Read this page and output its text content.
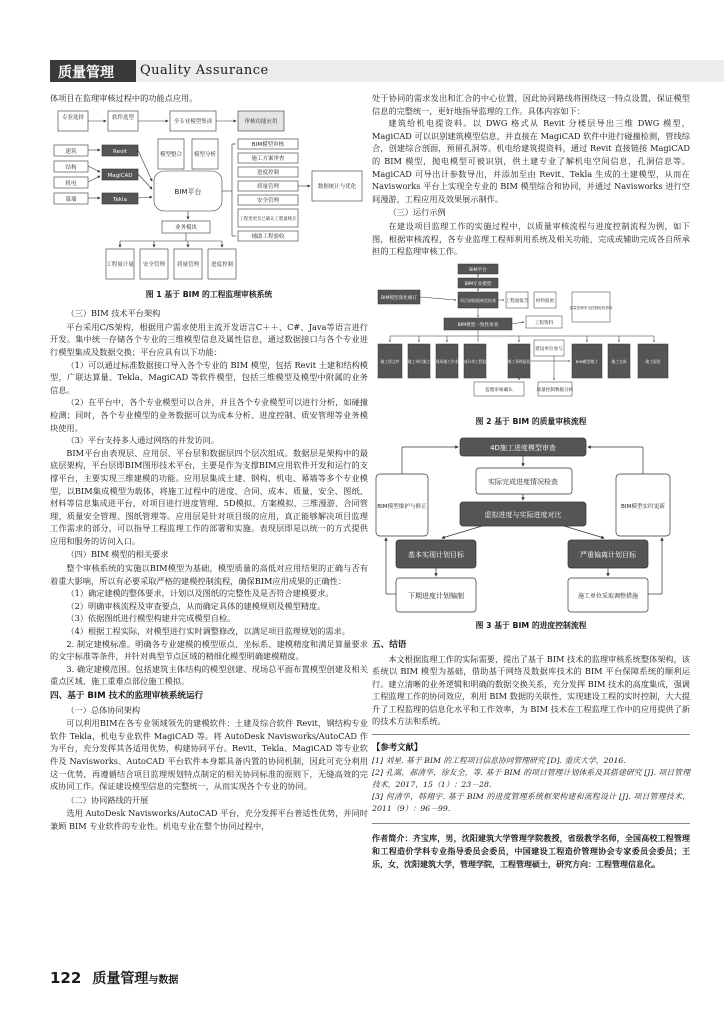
质量管理 Quality Assurance

体项目在监理审核过程中的功能点应用。

专业选择	软件选型
全专业模型集成	审核功能应用
建筑
结构
机电
幕墙
Revit
MagiCAD
Tekla
模型整合 模型分析
BIM平台
业务模块
BIM模型审核
施工方案审查
进度控制
质量管理
安全管理
工程变更及已确认工程量统计
辅助工程验收
数据统计与优化
工程量计量 安全管理 质量管理 进度控制
图 1 基于 BIM 的工程监理审核系统
（三）BIM 技术平台架构

平台采用C/S架构，根据用户需求使用主流开发语言C＋＋、C#、Java等语言进行开发。集中统一存储各个专业的三维模型信息及属性信息，通过数据接口与各个专业进行模型集成及数据交换；平台应具有以下功能：

（1）可以通过标准数据接口导入各个专业的 BIM 模型，包括 Revit 土建和结构模型，广联达算量、Tekla、MagiCAD 等软件模型，包括三维模型及模型中附属的业务信息。

（2）在平台中，各个专业模型可以合并，并且各个专业模型可以进行分析，如碰撞检测；同时，各个专业模型的业务数据可以为成本分析、进度控制、质安管理等业务模块使用。

（3）平台支持多人通过网络的并发访问。

BIM平台由表现层、应用层、平台层和数据层四个层次组成。数据层是架构中的最底层架构，平台层即BIM图形技术平台，主要是作为支撑BIM应用软件开发和运行的支撑平台，主要实现三维建模的功能。应用层集成土建、钢构、机电、幕墙等多个专业模型，以BIM集成模型为载体，将施工过程中的进度、合同、成本、质量、安全、图纸、材料等信息集成进平台，对项目进行进度管理、5D模拟、方案模拟、三维漫游、合同管理、质量安全管理、图纸管理等。应用层是针对项目级的应用，真正能够解决项目监理工作需求的部分，可以指导工程监理工作的部署和实施。表现层即是以统一的方式提供应用和服务的访问入口。

（四）BIM 模型的相关要求

整个审核系统的实施以BIM模型为基础，模型质量的高低对应用结果的正确与否有着重大影响，所以有必要采取严格的建模控制流程，确保BIM应用成果的正确性：

（1）确定建模的整体要求，计划以及图纸的完整性及是否符合建模要求。

（2）明确审核流程及审查要点，从而确定具体的建模规则及模型精度。

（3）依据图纸进行模型构建并完成模型自检。

（4）根据工程实际，对模型进行实时调整修改，以满足项目监理规划的需求。

2. 制定建模标准。明确各专业建模的模型原点、坐标系、建模精度和满足算量要求的文字标准等条件，并针对典型节点区域的精细化模型明确建模精度。

3. 确定建模范围。包括建筑主体结构的模型创建、现场总平面布置模型创建及相关重点区域、施工重难点部位施工模拟。

四、基于 BIM 技术的监理审核系统运行
（一）总体协同架构

可以利用BIM在各专业领域领先的建模软件：土建及综合软件 Revit，钢结构专业软件 Tekla，机电专业软件 MagiCAD 等。将 AutoDesk Navisworks/AutoCAD 作为平台，充分发挥其各适用优势，构建协同平台。Revit、Tekla、MagiCAD 等专业软件及 Navisworks、AutoCAD 平台软件本身都具备内置的协同机制，因此可充分利用这一优势，再遵循结合项目监理规划特点制定的相关协同标准的原则下，无缝高效的完成协同工作。保证建设模型信息的完整统一，从而实现各个专业的协同。

（二）协同路线的开展

选用 AutoDesk Navisworks/AutoCAD 平台，充分发挥平台普适性优势，并同时兼顾 BIM 专业软件的专业性。机电专业在整个协同过程中，

处于协同的需求发出和汇合的中心位置，因此协同路线将围绕这一特点设置，保证模型信息的完整统一，更好地指导监理的工作。具体内容如下：

建筑给机电提资料。以 DWG 格式从 Revit 分楼层导出三维 DWG 模型，MagiCAD 可以识别建筑模型信息，并直接在 MagiCAD 软件中进行碰撞检测，管线综合，创建综合剖面，预留孔洞等。机电给建筑提资料，通过 Revit 直接链接 MagiCAD 的 BIM 模型，抛电模型可被识别，供土建专业了解机电空间信息，孔洞信息等。MagiCAD 可导出计参数导出，并添加至由 Revit、Tekla 生成的土建模型，从而在 Navisworks 平台上实现全专业的 BIM 模型综合和协同，并通过 Navisworks 进行空间漫游，工程应用及效果展示制作。

（三）运行示例

在建设项目监理工作的实施过程中，以质量审核流程与进度控制流程为例，如下图，根据审核流程，各专业监理工程师利用系统及相关功能，完成或辅助完成各自所承担的工程监理审核工作。

BIM平台
BIM专业模型
BIM模型深化修订	项目部根据规范检查
BIM模型一致性审查
施工图文件 施工单位施工 现场施工作业 分部分项工程验收	竣工资料报验	BIM模型竣工	施工完成	竣工报验
工程量报告 材料报验
质量控制安全控制检验资料
工程资料
建设单位参与
质量控制数据分析
监理审核确认
图 2 基于 BIM 的质量审核流程
4D施工进度模型审查
实际完成进度情况检查
虚拟进度与实际进度对比
BIM模型维护与修正	BIM模型实时更新
基本实现计划目标	严重偏离计划目标
下期进度计划编制	施工单位采取调整措施
图 3 基于 BIM 的进度控制流程
五、结语

本文根据监理工作的实际需要，提出了基于 BIM 技术的监理审核系统整体架构，该系统以 BIM 模型为基础，借助基于网络及数据库技术的 BIM 平台保障系统的顺利运行。建立清晰的业务逻辑和明确的数据交换关系，充分发挥 BIM 技术的高度集成，强调工程监理工作的协同效应，利用 BIM 数据的关联性，实现建设工程的实时控制，大大提升了工程监理的信息化水平和工作效率，为 BIM 技术在工程监理工作中的应用提供了新的技术方法和系统。

【参考文献】

[1] 刘星. 基于 BIM 的工程项目信息协同管理研究 [D]. 重庆大学，2016.

[2] 孔嵩，郝清华，徐友全，等. 基于 BIM 的项目管理计划体系及其搭建研究 [J]. 项目管理技术，2017，15（1）：23－28.

[3] 何清华，韩翔宇. 基于 BIM 的进度管理系统框架构建和流程设计 [J]. 项目管理技术，2011（9）：96－99.

作者简介：齐宝库，男，沈阳建筑大学管理学院教授，省级教学名师，全国高校工程管理和工程造价学科专业指导委员会委员，中国建设工程造价管理协会专家委员会委员；王乐，女，沈阳建筑大学，管理学院，工程管理硕士，研究方向：工程管理信息化。
122 质量管理与数据
